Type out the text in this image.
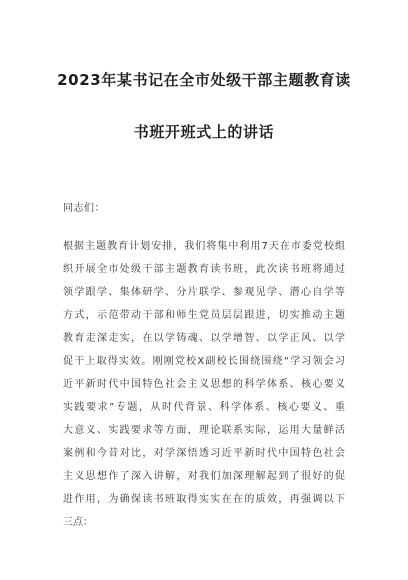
2023年某书记在全市处级干部主题教育读
书班开班式上的讲话
同志们：
根据主题教育计划安排，我们将集中利用7天在市委党校组
织开展全市处级干部主题教育读书班，此次读书班将通过
领学跟学、集体研学、分片联学、参观见学、潜心自学等
方式，示范带动干部和师生党员层层跟进，切实推动主题
教育走深走实，在以学铸魂、以学增智、以学正风、以学
促干上取得实效。刚刚党校X副校长围绕围绕“学习领会习
近平新时代中国特色社会主义思想的科学体系、核心要义
实践要求”专题，从时代背景、科学体系、核心要义、重
大意义、实践要求等方面，理论联系实际，运用大量鲜活
案例和今昔对比，对学深悟透习近平新时代中国特色社会
主义思想作了深入讲解，对我们加深理解起到了很好的促
进作用，为确保读书班取得实实在在的质效，再强调以下
三点：
